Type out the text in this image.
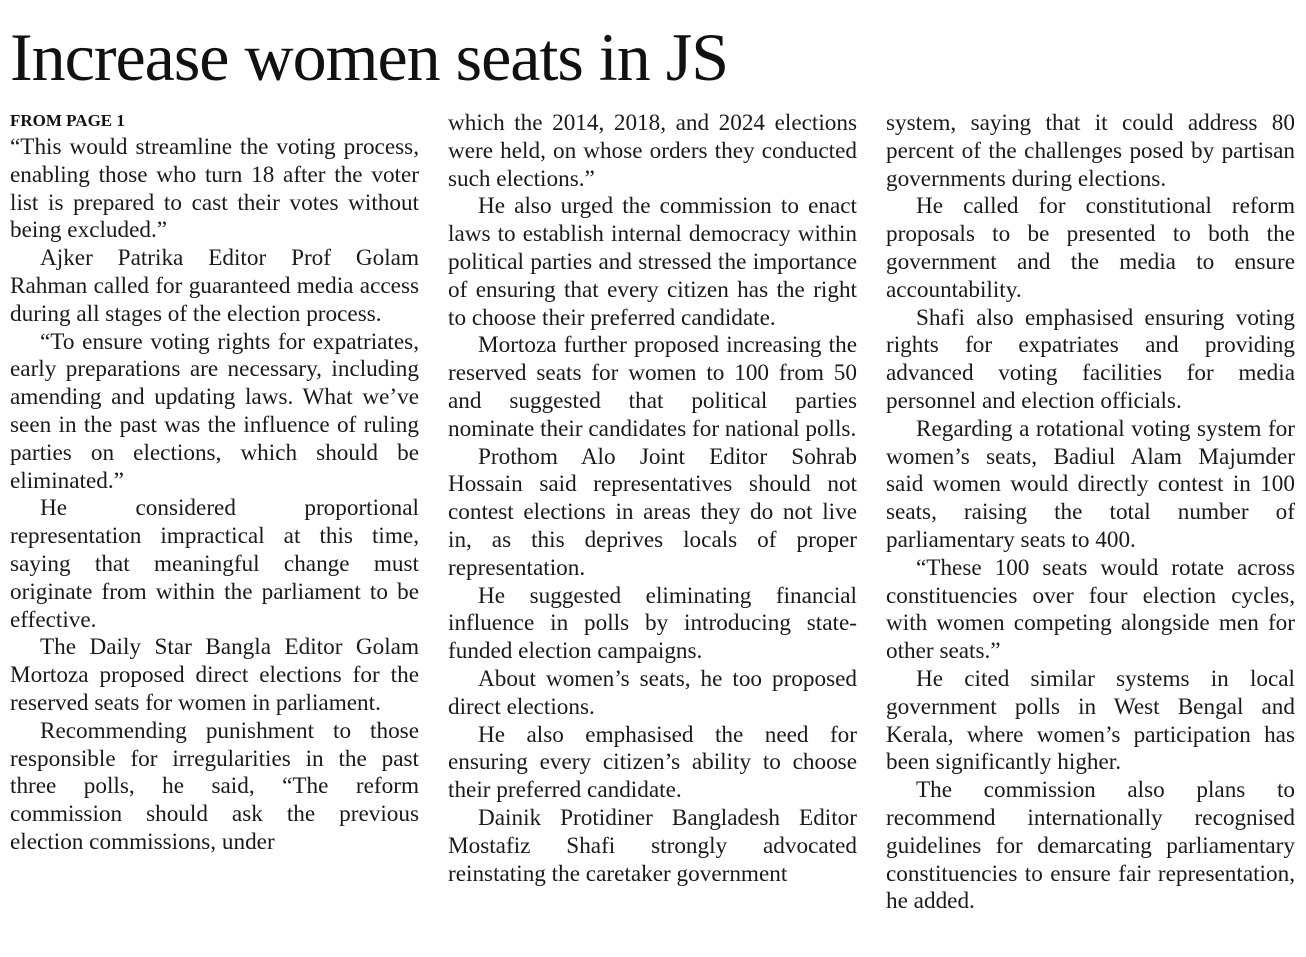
Increase women seats in JS
FROM PAGE 1

“This would streamline the voting process, enabling those who turn 18 after the voter list is prepared to cast their votes without being excluded.”

Ajker Patrika Editor Prof Golam Rahman called for guaranteed media access during all stages of the election process.

“To ensure voting rights for expatriates, early preparations are necessary, including amending and updating laws. What we’ve seen in the past was the influence of ruling parties on elections, which should be eliminated.”

He considered proportional representation impractical at this time, saying that meaningful change must originate from within the parliament to be effective.

The Daily Star Bangla Editor Golam Mortoza proposed direct elections for the reserved seats for women in parliament.

Recommending punishment to those responsible for irregularities in the past three polls, he said, “The reform commission should ask the previous election commissions, under

which the 2014, 2018, and 2024 elections were held, on whose orders they conducted such elections.”

He also urged the commission to enact laws to establish internal democracy within political parties and stressed the importance of ensuring that every citizen has the right to choose their preferred candidate.

Mortoza further proposed increasing the reserved seats for women to 100 from 50 and suggested that political parties nominate their candidates for national polls.

Prothom Alo Joint Editor Sohrab Hossain said representatives should not contest elections in areas they do not live in, as this deprives locals of proper representation.

He suggested eliminating financial influence in polls by introducing state-funded election campaigns.

About women’s seats, he too proposed direct elections.

He also emphasised the need for ensuring every citizen’s ability to choose their preferred candidate.

Dainik Protidiner Bangladesh Editor Mostafiz Shafi strongly advocated reinstating the caretaker government

system, saying that it could address 80 percent of the challenges posed by partisan governments during elections.

He called for constitutional reform proposals to be presented to both the government and the media to ensure accountability.

Shafi also emphasised ensuring voting rights for expatriates and providing advanced voting facilities for media personnel and election officials.

Regarding a rotational voting system for women’s seats, Badiul Alam Majumder said women would directly contest in 100 seats, raising the total number of parliamentary seats to 400.

“These 100 seats would rotate across constituencies over four election cycles, with women competing alongside men for other seats.”

He cited similar systems in local government polls in West Bengal and Kerala, where women’s participation has been significantly higher.

The commission also plans to recommend internationally recognised guidelines for demarcating parliamentary constituencies to ensure fair representation, he added.
